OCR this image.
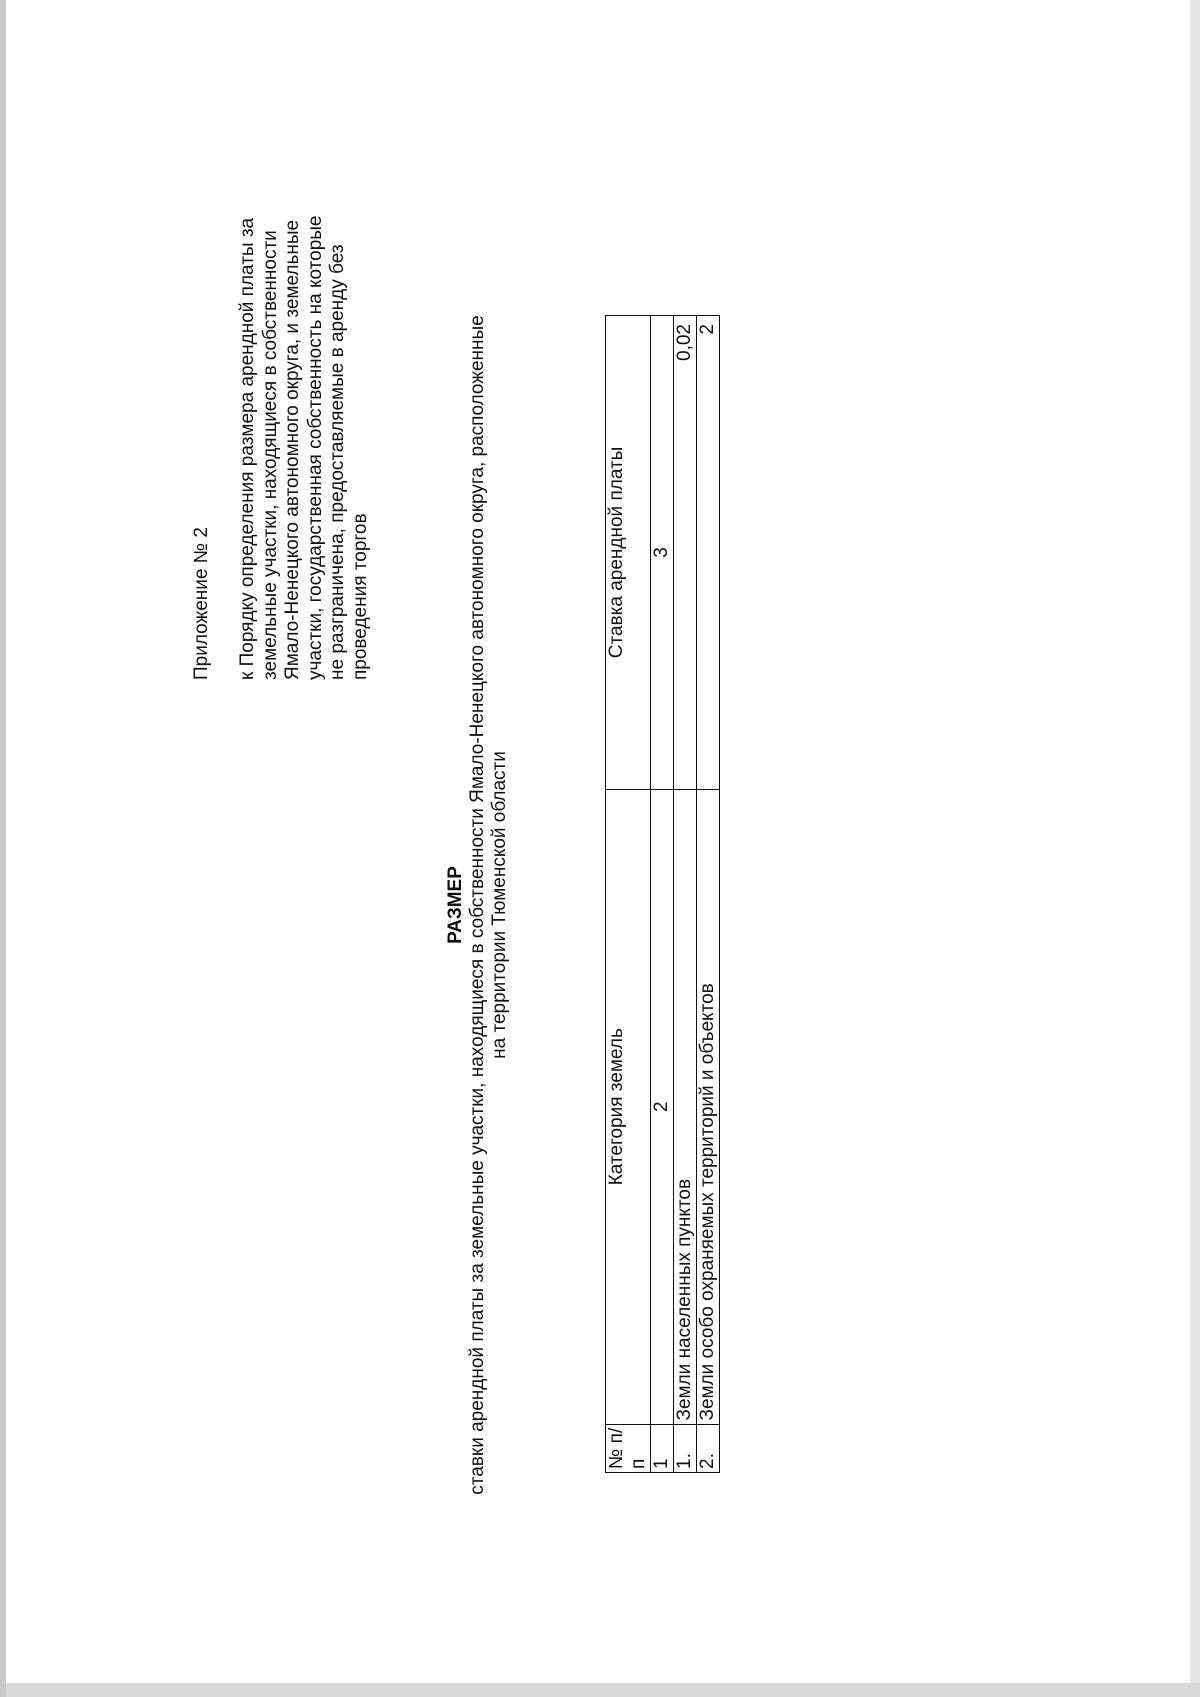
Приложение № 2 к Порядку определения размера арендной платы за земельные участки, находящиеся в собственности Ямало-Ненецкого автономного округа, и земельные участки, государственная собственность на которые не разграничена, предоставляемые в аренду без проведения торгов
РАЗМЕР ставки арендной платы за земельные участки, находящиеся в собственности Ямало-Ненецкого автономного округа, расположенные на территории Тюменской области
№ п/п	Категория земель	Ставка арендной платы
1	2	3
1.	Земли населенных пунктов	0,02
2.	Земли особо охраняемых территорий и объектов	2
